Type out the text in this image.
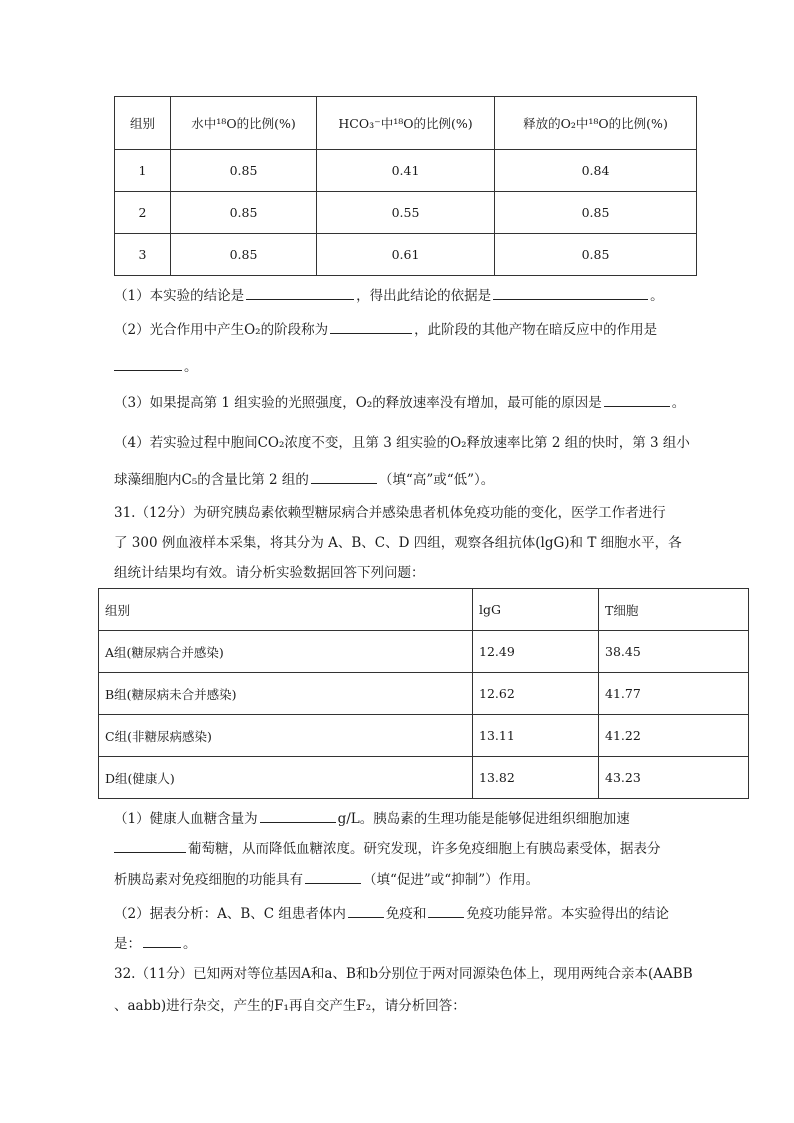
组别	水中¹⁸O的比例(%)	HCO₃⁻中¹⁸O的比例(%)	释放的O₂中¹⁸O的比例(%)
1	0.85	0.41	0.84
2	0.85	0.55	0.85
3	0.85	0.61	0.85
（1）本实验的结论是	，得出此结论的依据是	。
（2）光合作用中产生O₂的阶段称为	，此阶段的其他产物在暗反应中的作用是
。
（3）如果提高第 1 组实验的光照强度，O₂的释放速率没有增加，最可能的原因是	。
（4）若实验过程中胞间CO₂浓度不变，且第 3 组实验的O₂释放速率比第 2 组的快时，第 3 组小
球藻细胞内C₅的含量比第 2 组的	（填“高”或“低”）。
31.（12分）为研究胰岛素依赖型糖尿病合并感染患者机体免疫功能的变化，医学工作者进行
了 300 例血液样本采集，将其分为 A、B、C、D 四组，观察各组抗体(lgG)和 T 细胞水平，各
组统计结果均有效。请分析实验数据回答下列问题：
组别	lgG	T细胞
A组(糖尿病合并感染)	12.49	38.45
B组(糖尿病未合并感染)	12.62	41.77
C组(非糖尿病感染)	13.11	41.22
D组(健康人)	13.82	43.23
（1）健康人血糖含量为	g/L。胰岛素的生理功能是能够促进组织细胞加速
葡萄糖，从而降低血糖浓度。研究发现，许多免疫细胞上有胰岛素受体，据表分
析胰岛素对免疫细胞的功能具有	（填“促进”或“抑制”）作用。
（2）据表分析：A、B、C 组患者体内	免疫和	免疫功能异常。本实验得出的结论
是：	。
32.（11分）已知两对等位基因A和a、B和b分别位于两对同源染色体上，现用两纯合亲本(AABB
、aabb)进行杂交，产生的F₁再自交产生F₂，请分析回答：
